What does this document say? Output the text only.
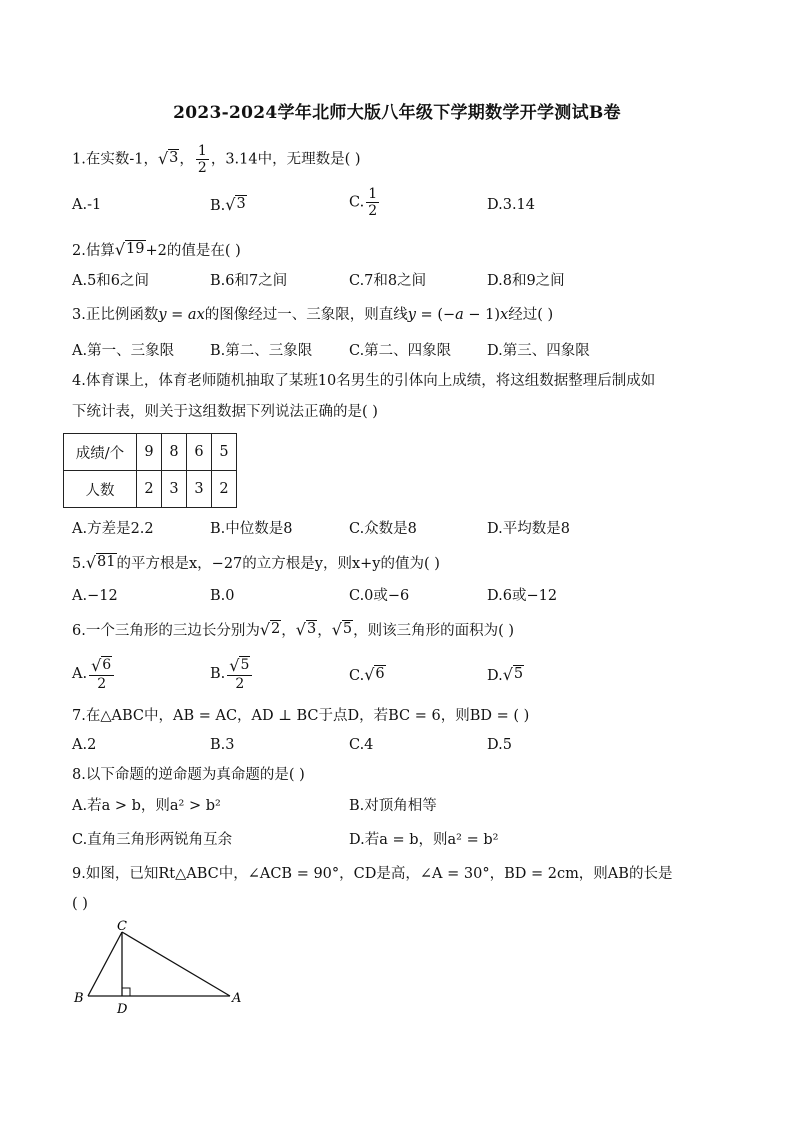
2023-2024学年北师大版八年级下学期数学开学测试B卷
1.在实数-1， √ 3 ， $\frac{1}{2}$ ，3.14中，无理数是( )
A.-1	B. √ 3	C. $\frac{1}{2}$	D.3.14
2.估算 √ 19 +2的值是在( )
A.5和6之间	B.6和7之间	C.7和8之间	D.8和9之间
3.正比例函数y = ax的图像经过一、三象限，则直线y = (−a − 1)x经过( )
A.第一、三象限 B.第二、三象限	C.第二、四象限 D.第三、四象限
4.体育课上，体育老师随机抽取了某班10名男生的引体向上成绩，将这组数据整理后制成如
下统计表，则关于这组数据下列说法正确的是( )
成绩/个	9	8	6	5
人数	2	3	3	2
A.方差是2.2	B.中位数是8	C.众数是8	D.平均数是8
5. √ 81 的平方根是x，−27的立方根是y，则x+y的值为( )
A.−12	B.0	C.0或−6	D.6或−12
6.一个三角形的三边长分别为 √ 2 ， √ 3 ， √ 5 ，则该三角形的面积为( )
A. $\frac{√ 6}{2}$	B. $\frac{√ 5}{2}$	C. √ 6	D. √ 5
7.在△ABC中，AB = AC，AD ⊥ BC于点D，若BC = 6，则BD = ( )
A.2	B.3	C.4	D.5
8.以下命题的逆命题为真命题的是( )
A.若a > b，则a² > b²	B.对顶角相等
C.直角三角形两锐角互余	D.若a = b，则a² = b²
9.如图，已知Rt△ABC中，∠ACB = 90°，CD是高，∠A = 30°，BD = 2cm，则AB的长是
( )
C
B
D
A
